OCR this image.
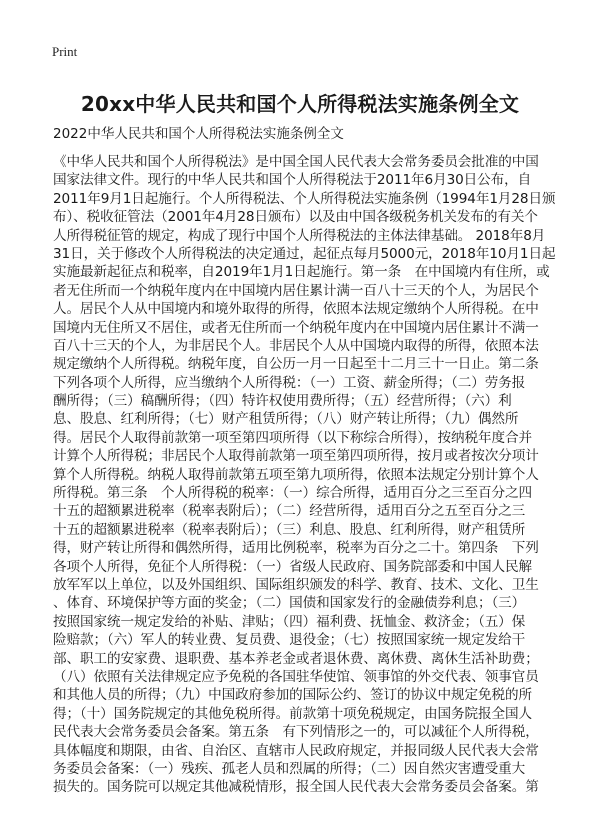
Print
20xx中华人民共和国个人所得税法实施条例全文
2022中华人民共和国个人所得税法实施条例全文
《中华人民共和国个人所得税法》是中国全国人民代表大会常务委员会批准的中国
国家法律文件。现行的中华人民共和国个人所得税法于2011年6月30日公布，自
2011年9月1日起施行。个人所得税法、个人所得税法实施条例（1994年1月28日颁
布）、税收征管法（2001年4月28日颁布）以及由中国各级税务机关发布的有关个
人所得税征管的规定，构成了现行中国个人所得税法的主体法律基础。 2018年8月
31日，关于修改个人所得税法的决定通过，起征点每月5000元，2018年10月1日起
实施最新起征点和税率，自2019年1月1日起施行。第一条　在中国境内有住所，或
者无住所而一个纳税年度内在中国境内居住累计满一百八十三天的个人，为居民个
人。居民个人从中国境内和境外取得的所得，依照本法规定缴纳个人所得税。在中
国境内无住所又不居住，或者无住所而一个纳税年度内在中国境内居住累计不满一
百八十三天的个人，为非居民个人。非居民个人从中国境内取得的所得，依照本法
规定缴纳个人所得税。纳税年度，自公历一月一日起至十二月三十一日止。第二条
下列各项个人所得，应当缴纳个人所得税：（一）工资、薪金所得；（二）劳务报
酬所得；（三）稿酬所得；（四）特许权使用费所得；（五）经营所得；（六）利
息、股息、红利所得；（七）财产租赁所得；（八）财产转让所得；（九）偶然所
得。居民个人取得前款第一项至第四项所得（以下称综合所得），按纳税年度合并
计算个人所得税；非居民个人取得前款第一项至第四项所得，按月或者按次分项计
算个人所得税。纳税人取得前款第五项至第九项所得，依照本法规定分别计算个人
所得税。第三条　个人所得税的税率：（一）综合所得，适用百分之三至百分之四
十五的超额累进税率（税率表附后）；（二）经营所得，适用百分之五至百分之三
十五的超额累进税率（税率表附后）；（三）利息、股息、红利所得，财产租赁所
得，财产转让所得和偶然所得，适用比例税率，税率为百分之二十。第四条　下列
各项个人所得，免征个人所得税：（一）省级人民政府、国务院部委和中国人民解
放军军以上单位，以及外国组织、国际组织颁发的科学、教育、技术、文化、卫生
、体育、环境保护等方面的奖金；（二）国债和国家发行的金融债券利息；（三）
按照国家统一规定发给的补贴、津贴；（四）福利费、抚恤金、救济金；（五）保
险赔款；（六）军人的转业费、复员费、退役金；（七）按照国家统一规定发给干
部、职工的安家费、退职费、基本养老金或者退休费、离休费、离休生活补助费；
（八）依照有关法律规定应予免税的各国驻华使馆、领事馆的外交代表、领事官员
和其他人员的所得；（九）中国政府参加的国际公约、签订的协议中规定免税的所
得；（十）国务院规定的其他免税所得。前款第十项免税规定，由国务院报全国人
民代表大会常务委员会备案。第五条　有下列情形之一的，可以减征个人所得税，
具体幅度和期限，由省、自治区、直辖市人民政府规定，并报同级人民代表大会常
务委员会备案：（一）残疾、孤老人员和烈属的所得；（二）因自然灾害遭受重大
损失的。国务院可以规定其他减税情形，报全国人民代表大会常务委员会备案。第
